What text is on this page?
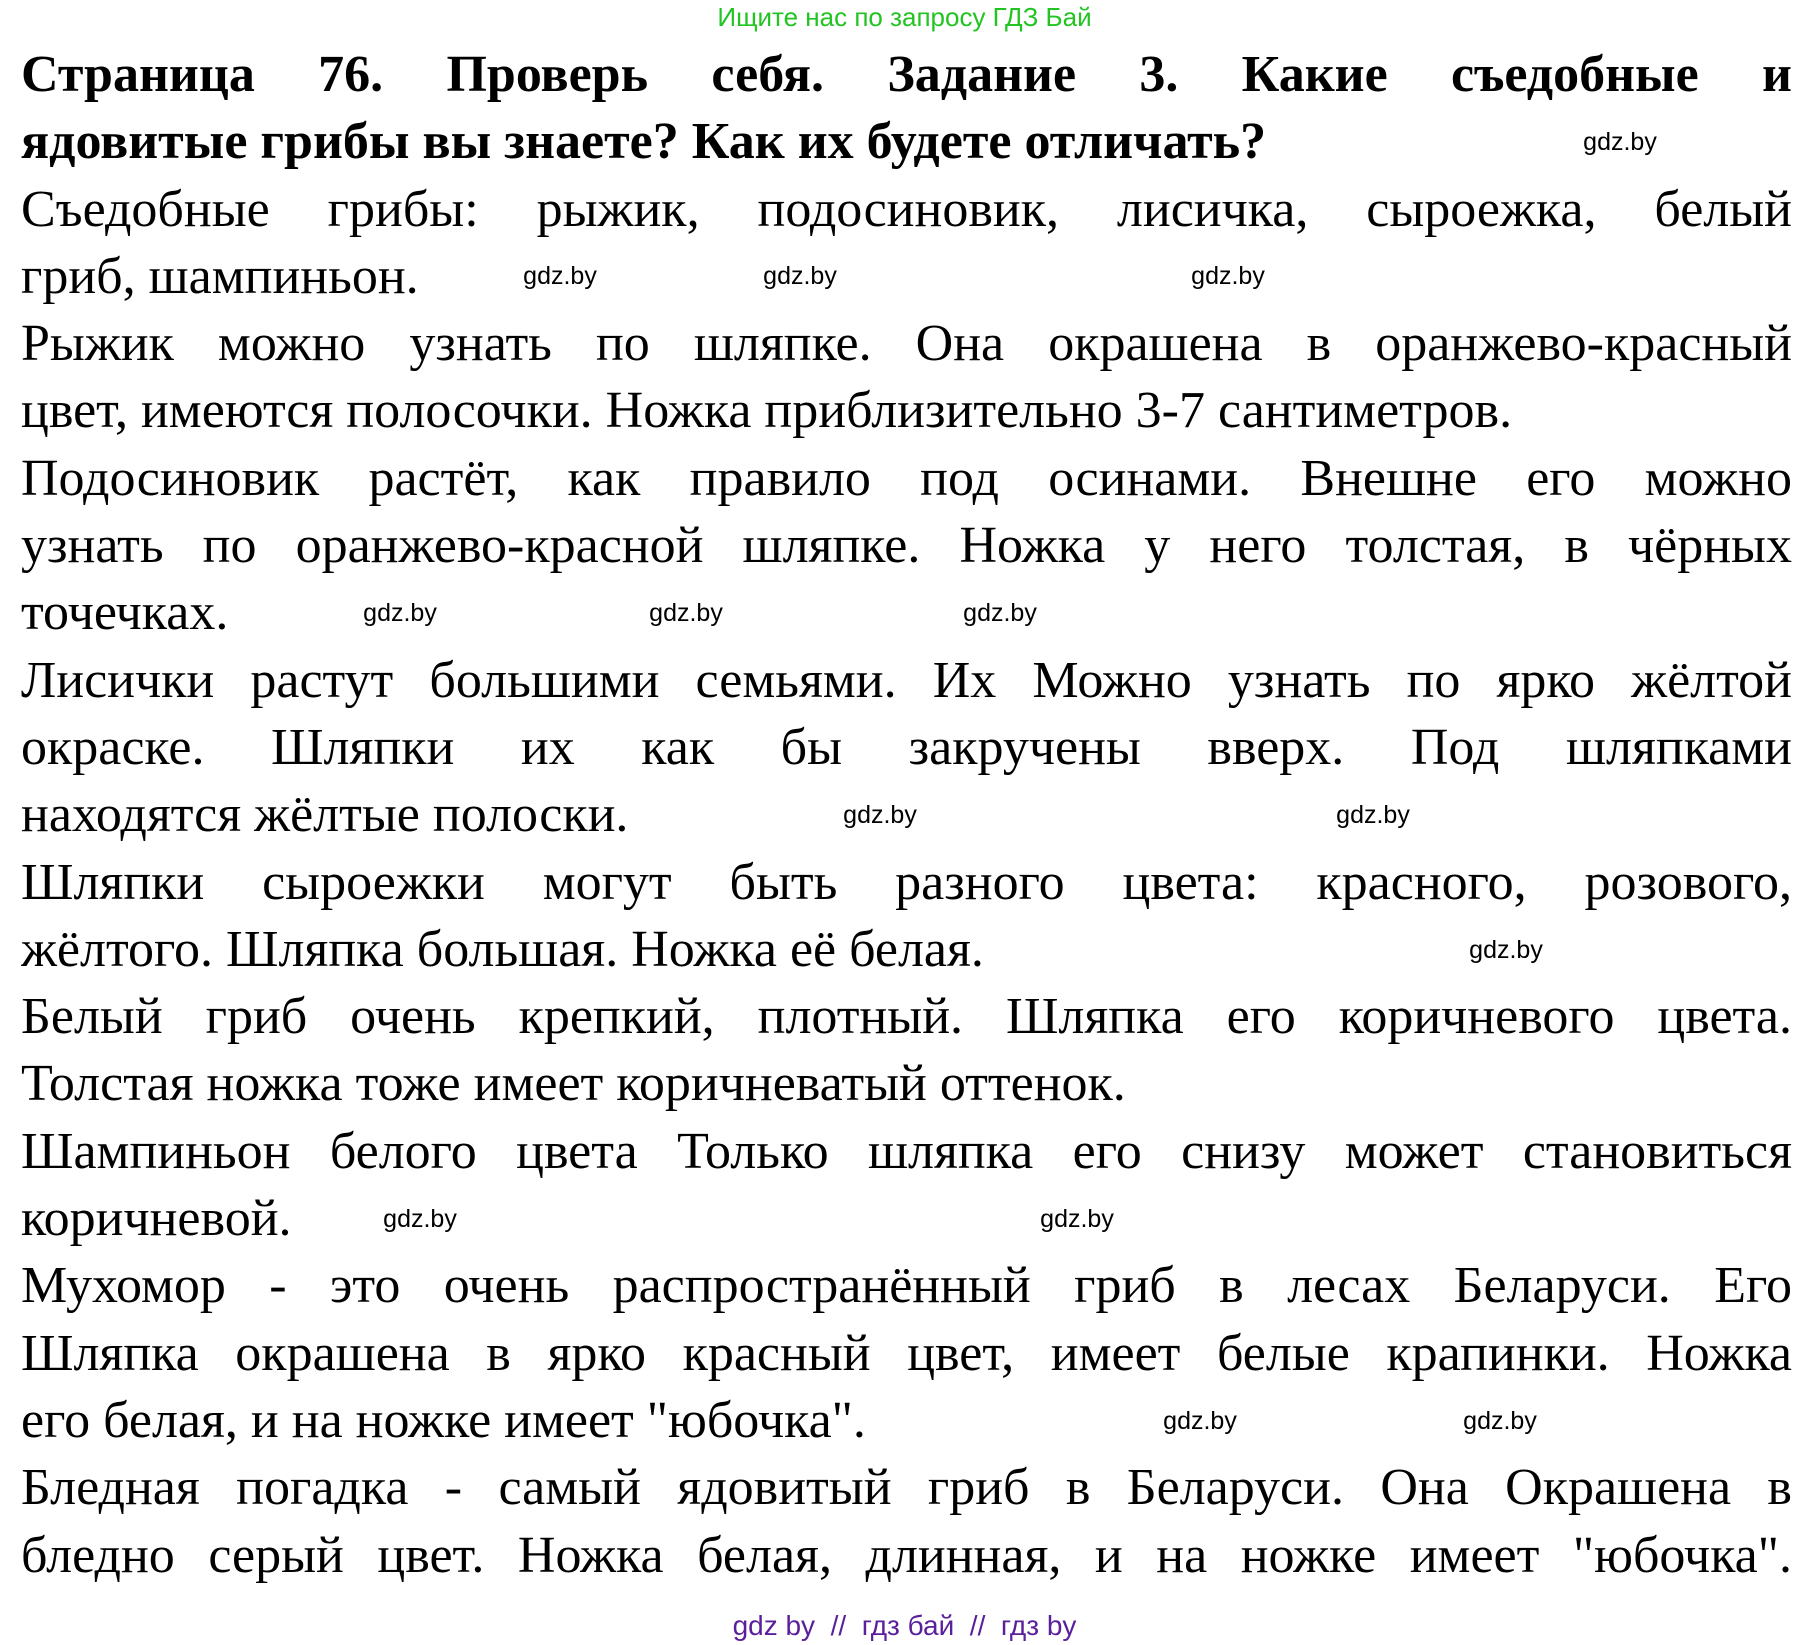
Ищите нас по запросу ГДЗ Бай
Страница 76. Проверь себя. Задание 3. Какие съедобные и
ядовитые грибы вы знаете? Как их будете отличать?
Съедобные грибы: рыжик, подосиновик, лисичка, сыроежка, белый
гриб, шампиньон.
Рыжик можно узнать по шляпке. Она окрашена в оранжево-красный
цвет, имеются полосочки. Ножка приблизительно 3-7 сантиметров.
Подосиновик растёт, как правило под осинами. Внешне его можно
узнать по оранжево-красной шляпке. Ножка у него толстая, в чёрных
точечках.
Лисички растут большими семьями. Их Можно узнать по ярко жёлтой
окраске. Шляпки их как бы закручены вверх. Под шляпками
находятся жёлтые полоски.
Шляпки сыроежки могут быть разного цвета: красного, розового,
жёлтого. Шляпка большая. Ножка её белая.
Белый гриб очень крепкий, плотный. Шляпка его коричневого цвета.
Толстая ножка тоже имеет коричневатый оттенок.
Шампиньон белого цвета Только шляпка его снизу может становиться
коричневой.
Мухомор - это очень распространённый гриб в лесах Беларуси. Его
Шляпка окрашена в ярко красный цвет, имеет белые крапинки. Ножка
его белая, и на ножке имеет "юбочка".
Бледная погадка - самый ядовитый гриб в Беларуси. Она Окрашена в
бледно серый цвет. Ножка белая, длинная, и на ножке имеет "юбочка".
gdz.by
gdz.by	gdz.by	gdz.by
gdz.by	gdz.by	gdz.by
gdz.by	gdz.by
gdz.by
gdz.by	gdz.by
gdz.by	gdz.by
gdz by  //  гдз бай  //  гдз by
